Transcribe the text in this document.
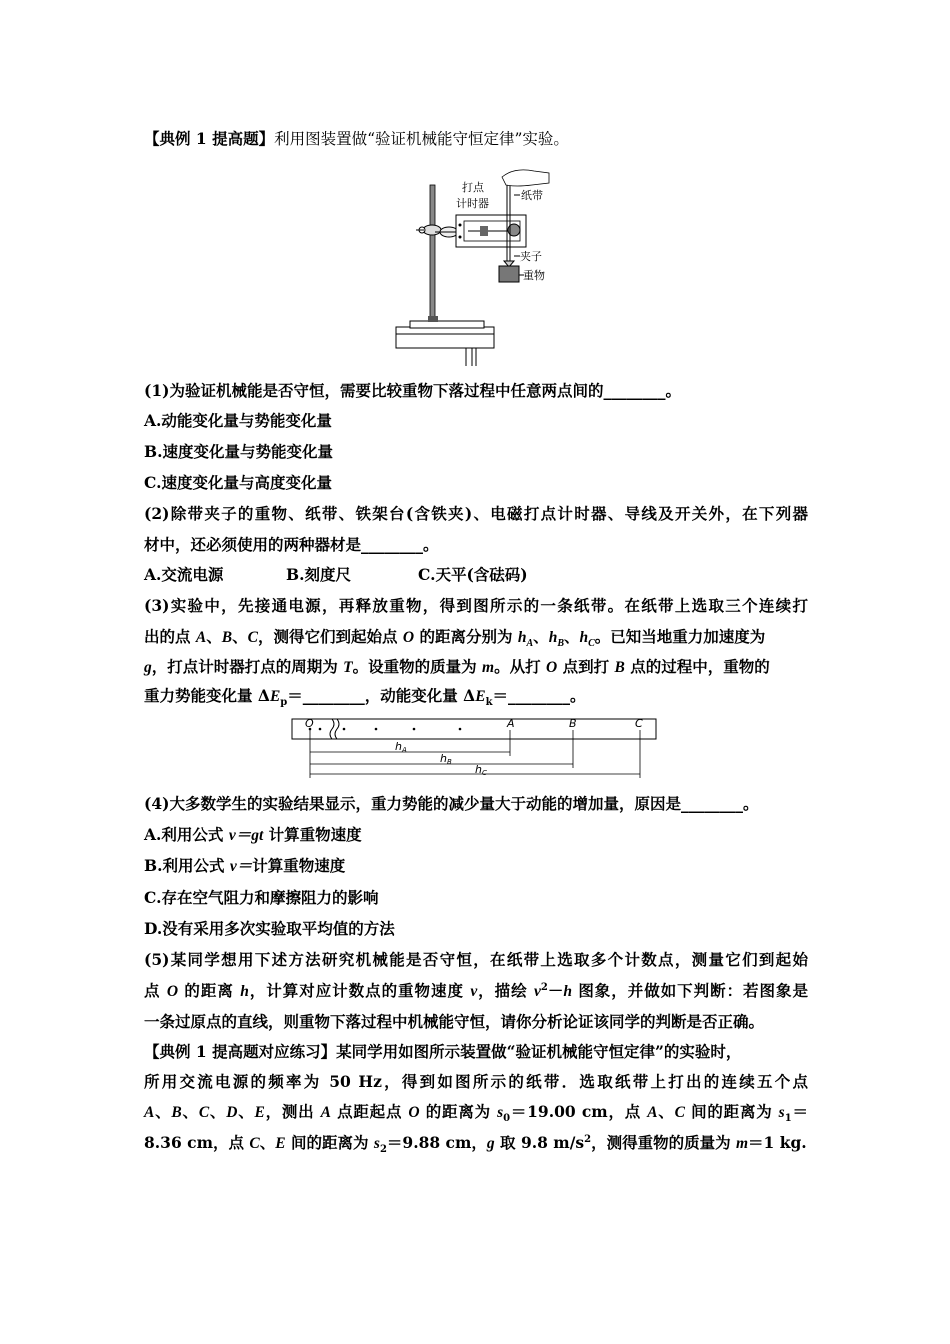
【典例 1 提高题】利用图装置做“验证机械能守恒定律”实验。
打点
计时器
纸带
夹子
重物
(1)为验证机械能是否守恒，需要比较重物下落过程中任意两点间的________。
A.动能变化量与势能变化量
B.速度变化量与势能变化量
C.速度变化量与高度变化量
(2)除带夹子的重物、纸带、铁架台(含铁夹)、电磁打点计时器、导线及开关外，在下列器
材中，还必须使用的两种器材是________。
A.交流电源	B.刻度尺	C.天平(含砝码)
(3)实验中，先接通电源，再释放重物，得到图所示的一条纸带。在纸带上选取三个连续打
出的点 A、B、C，测得它们到起始点 O 的距离分别为 $h_A$、$h_B$、$h_C$。已知当地重力加速度为
g，打点计时器打点的周期为 T。设重物的质量为 m。从打 O 点到打 B 点的过程中，重物的
重力势能变化量 $\Delta E_p=\_\_\_\_\_\_\_\_$，动能变化量 $\Delta E_k=\_\_\_\_\_\_\_\_$。
O	A	B	C
hA
hB
hC
(4)大多数学生的实验结果显示，重力势能的减少量大于动能的增加量，原因是________。
A.利用公式 v＝gt 计算重物速度
B.利用公式 v＝计算重物速度
C.存在空气阻力和摩擦阻力的影响
D.没有采用多次实验取平均值的方法
(5)某同学想用下述方法研究机械能是否守恒，在纸带上选取多个计数点，测量它们到起始
点 O 的距离 h，计算对应计数点的重物速度 v，描绘 $v^2-h$ 图象，并做如下判断：若图象是
一条过原点的直线，则重物下落过程中机械能守恒，请你分析论证该同学的判断是否正确。
【典例 1 提高题对应练习】某同学用如图所示装置做“验证机械能守恒定律”的实验时，
所用交流电源的频率为 50 Hz，得到如图所示的纸带．选取纸带上打出的连续五个点
A、B、C、D、E，测出 A 点距起点 O 的距离为 $s_0=19.00$ cm，点 A、C 间的距离为 $s_1=$
8.36 cm，点 C、E 间的距离为 $s_2=9.88$ cm，g 取 9.8 $m/s^2$，测得重物的质量为 m＝1 kg.
